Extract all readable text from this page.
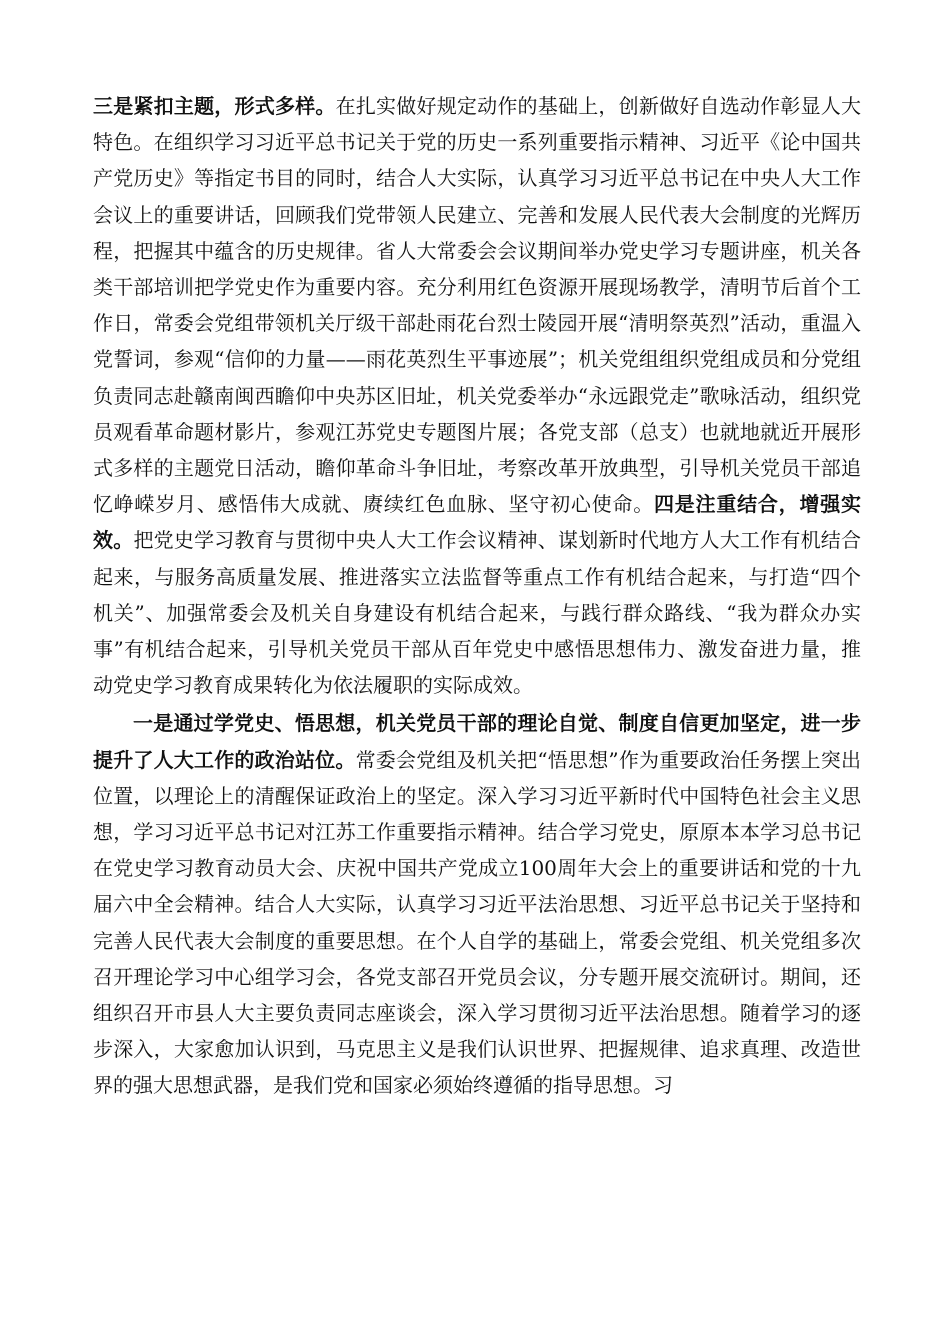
三是紧扣主题，形式多样。在扎实做好规定动作的基础上，创新做好自选动作彰显人大特色。在组织学习习近平总书记关于党的历史一系列重要指示精神、习近平《论中国共产党历史》等指定书目的同时，结合人大实际，认真学习习近平总书记在中央人大工作会议上的重要讲话，回顾我们党带领人民建立、完善和发展人民代表大会制度的光辉历程，把握其中蕴含的历史规律。省人大常委会会议期间举办党史学习专题讲座，机关各类干部培训把学党史作为重要内容。充分利用红色资源开展现场教学，清明节后首个工作日，常委会党组带领机关厅级干部赴雨花台烈士陵园开展“清明祭英烈”活动，重温入党誓词，参观“信仰的力量——雨花英烈生平事迹展”；机关党组组织党组成员和分党组负责同志赴赣南闽西瞻仰中央苏区旧址，机关党委举办“永远跟党走”歌咏活动，组织党员观看革命题材影片，参观江苏党史专题图片展；各党支部（总支）也就地就近开展形式多样的主题党日活动，瞻仰革命斗争旧址，考察改革开放典型，引导机关党员干部追忆峥嵘岁月、感悟伟大成就、赓续红色血脉、坚守初心使命。四是注重结合，增强实效。把党史学习教育与贯彻中央人大工作会议精神、谋划新时代地方人大工作有机结合起来，与服务高质量发展、推进落实立法监督等重点工作有机结合起来，与打造“四个机关”、加强常委会及机关自身建设有机结合起来，与践行群众路线、“我为群众办实事”有机结合起来，引导机关党员干部从百年党史中感悟思想伟力、激发奋进力量，推动党史学习教育成果转化为依法履职的实际成效。

一是通过学党史、悟思想，机关党员干部的理论自觉、制度自信更加坚定，进一步提升了人大工作的政治站位。常委会党组及机关把“悟思想”作为重要政治任务摆上突出位置，以理论上的清醒保证政治上的坚定。深入学习习近平新时代中国特色社会主义思想，学习习近平总书记对江苏工作重要指示精神。结合学习党史，原原本本学习总书记在党史学习教育动员大会、庆祝中国共产党成立100周年大会上的重要讲话和党的十九届六中全会精神。结合人大实际，认真学习习近平法治思想、习近平总书记关于坚持和完善人民代表大会制度的重要思想。在个人自学的基础上，常委会党组、机关党组多次召开理论学习中心组学习会，各党支部召开党员会议，分专题开展交流研讨。期间，还组织召开市县人大主要负责同志座谈会，深入学习贯彻习近平法治思想。随着学习的逐步深入，大家愈加认识到，马克思主义是我们认识世界、把握规律、追求真理、改造世界的强大思想武器，是我们党和国家必须始终遵循的指导思想。习
